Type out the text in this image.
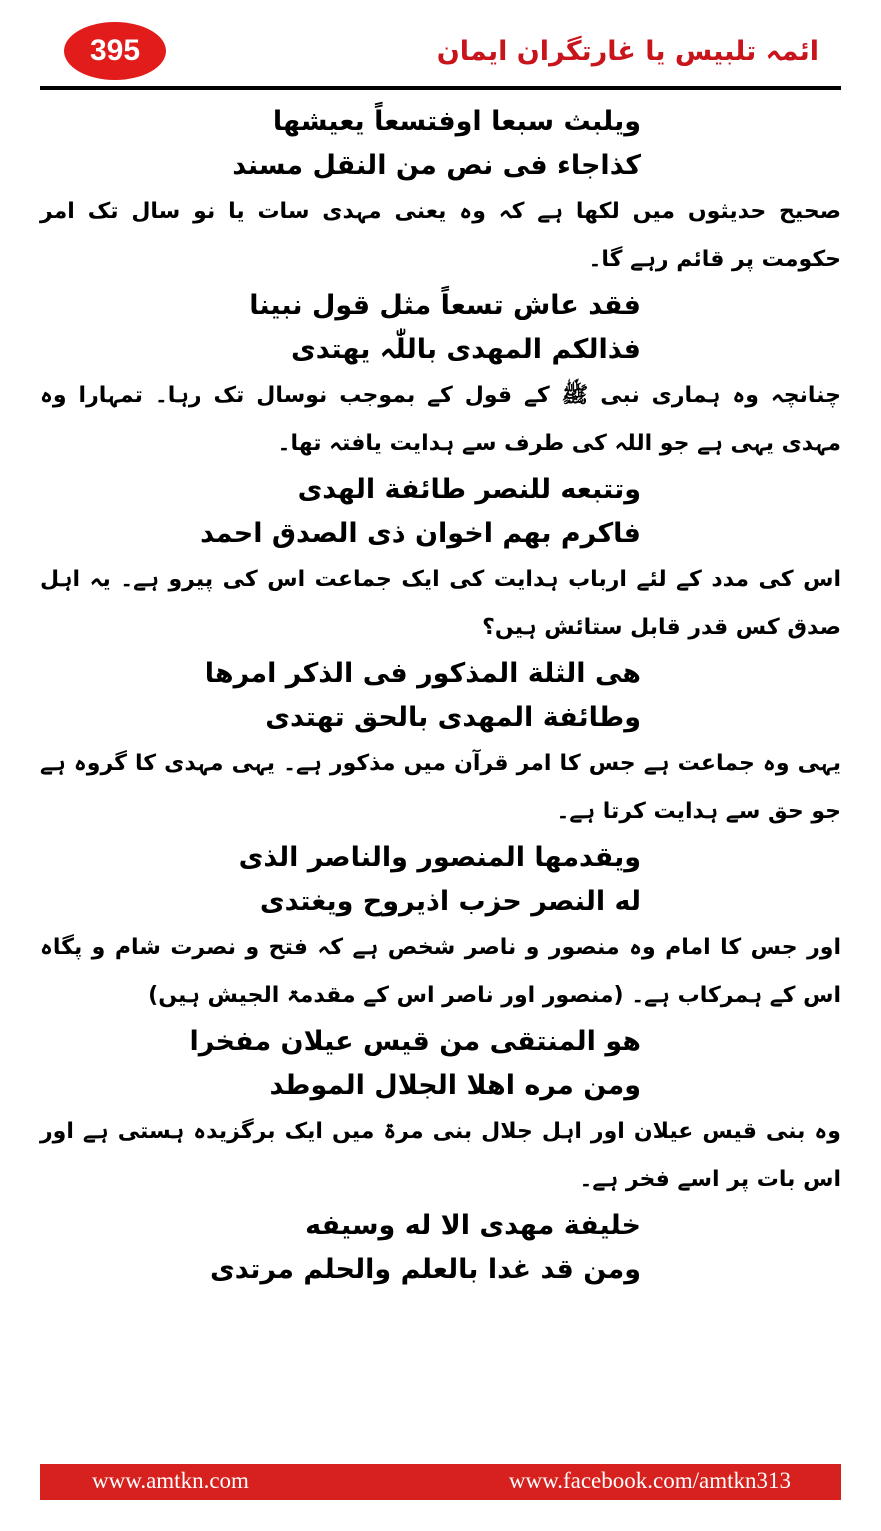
395	ائمہ تلبیس یا غارتگران ایمان
ویلبث سبعا اوفتسعاً یعیشها
کذاجاء فی نص من النقل مسند

صحیح حدیثوں میں لکھا ہے کہ وہ یعنی مہدی سات یا نو سال تک امر حکومت پر قائم رہے گا۔

فقد عاش تسعاً مثل قول نبینا
فذالکم المهدی باللّٰہ یهتدی

چنانچہ وہ ہماری نبی ﷺ کے قول کے بموجب نوسال تک رہا۔ تمہارا وہ مہدی یہی ہے جو اللہ کی طرف سے ہدایت یافتہ تھا۔

وتتبعه للنصر طائفة الهدی
فاکرم بهم اخوان ذی الصدق احمد

اس کی مدد کے لئے ارباب ہدایت کی ایک جماعت اس کی پیرو ہے۔ یہ اہل صدق کس قدر قابل ستائش ہیں؟

هی الثلة المذکور فی الذکر امرها
وطائفة المهدی بالحق تهتدی

یہی وہ جماعت ہے جس کا امر قرآن میں مذکور ہے۔ یہی مہدی کا گروہ ہے جو حق سے ہدایت کرتا ہے۔

ویقدمها المنصور والناصر الذی
له النصر حزب اذیروح ویغتدی

اور جس کا امام وہ منصور و ناصر شخص ہے کہ فتح و نصرت شام و پگاہ اس کے ہمرکاب ہے۔ (منصور اور ناصر اس کے مقدمۃ الجیش ہیں)

هو المنتقی من قیس عیلان مفخرا
ومن مره اهلا الجلال الموطد

وہ بنی قیس عیلان اور اہل جلال بنی مرۃ میں ایک برگزیدہ ہستی ہے اور اس بات پر اسے فخر ہے۔

خلیفة مهدی الا له وسیفه
ومن قد غدا بالعلم والحلم مرتدی
www.amtkn.com	www.facebook.com/amtkn313
